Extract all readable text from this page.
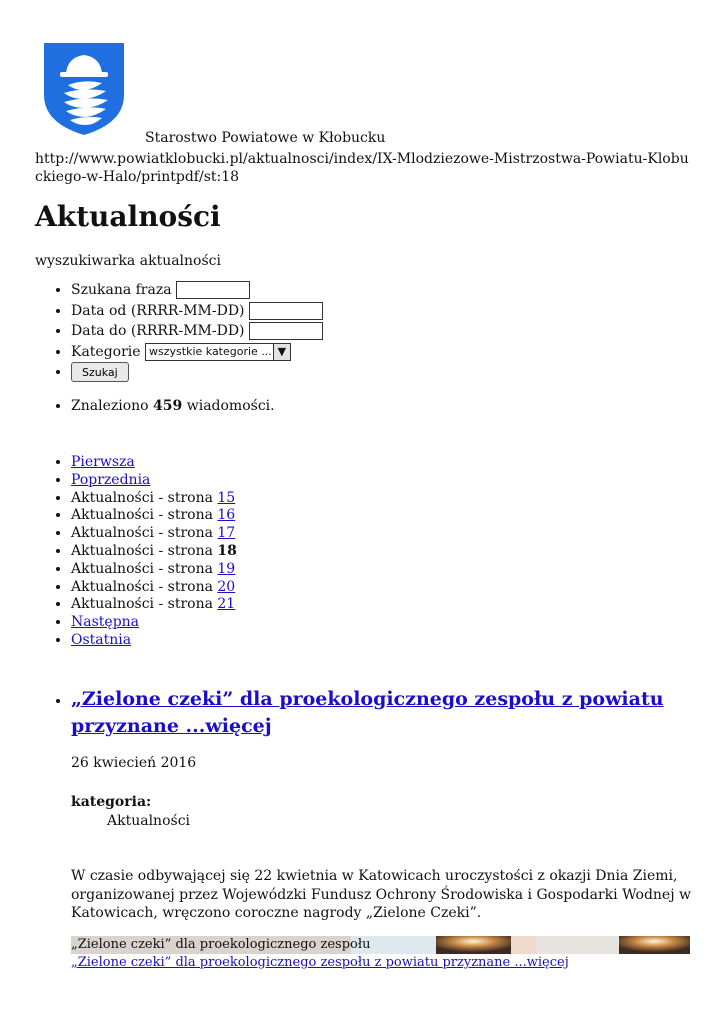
Starostwo Powiatowe w Kłobucku
http://www.powiatklobucki.pl/aktualnosci/index/IX-Mlodziezowe-Mistrzostwa-Powiatu-Klobuckiego-w-Halo/printpdf/st:18
Aktualności
wyszukiwarka aktualności
• Szukana fraza
• Data od (RRRR-MM-DD)
• Data do (RRRR-MM-DD)
• Kategorie wszystkie kategorie ... ▼
• Szukaj
• Znaleziono 459 wiadomości.
• Pierwsza
• Poprzednia
• Aktualności - strona 15
• Aktualności - strona 16
• Aktualności - strona 17
• Aktualności - strona 18
• Aktualności - strona 19
• Aktualności - strona 20
• Aktualności - strona 21
• Następna
• Ostatnia
• „Zielone czeki” dla proekologicznego zespołu z powiatu przyznane ...więcej
26 kwiecień 2016
kategoria:
Aktualności
W czasie odbywającej się 22 kwietnia w Katowicach uroczystości z okazji Dnia Ziemi, organizowanej przez Wojewódzki Fundusz Ochrony Środowiska i Gospodarki Wodnej w Katowicach, wręczono coroczne nagrody „Zielone Czeki”.
„Zielone czeki” dla proekologicznego zespołu
„Zielone czeki” dla proekologicznego zespołu z powiatu przyznane ...więcej
